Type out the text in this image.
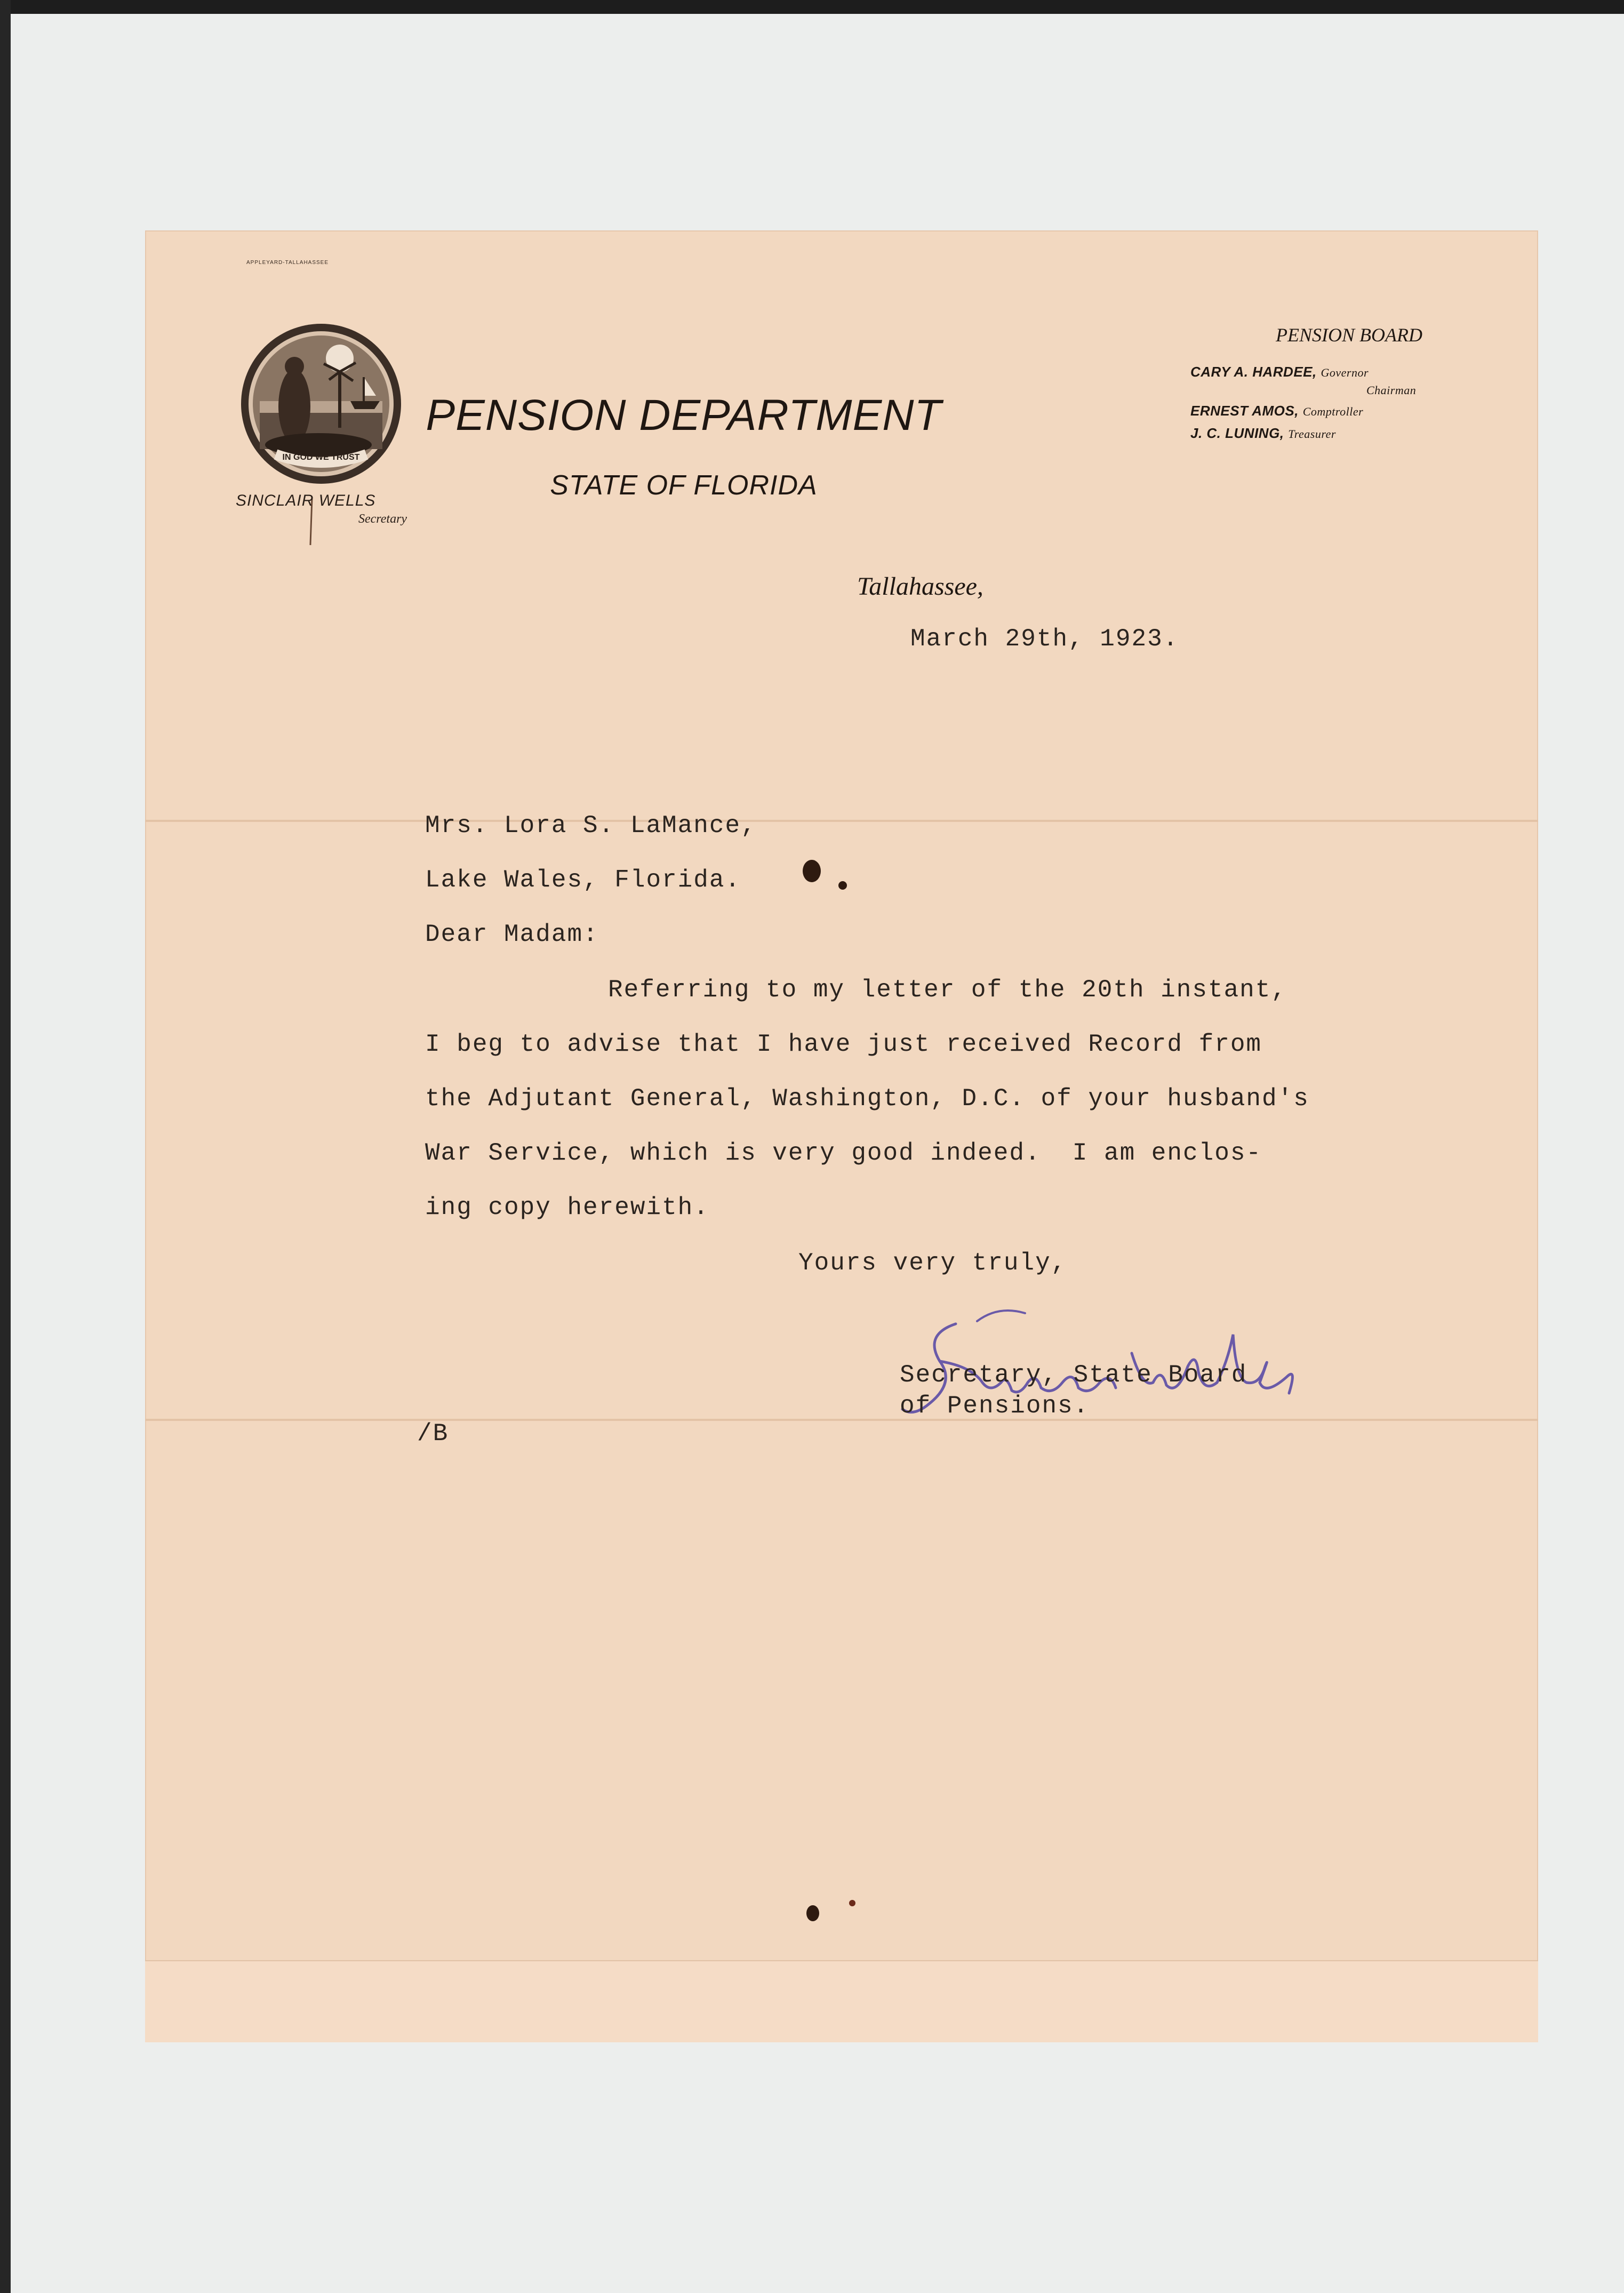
APPLEYARD-TALLAHASSEE
IN GOD WE TRUST
SINCLAIR WELLS
Secretary
PENSION DEPARTMENT
STATE OF FLORIDA
PENSION BOARD
CARY A. HARDEE, Governor
Chairman
ERNEST AMOS, Comptroller
J. C. LUNING, Treasurer
Tallahassee,
March 29th, 1923.
Mrs. Lora S. LaMance,
Lake Wales, Florida.
Dear Madam:
Referring to my letter of the 20th instant,
I beg to advise that I have just received Record from
the Adjutant General, Washington, D.C. of your husband's
War Service, which is very good indeed.  I am enclos-
ing copy herewith.
Yours very truly,
Secretary, State Board
of Pensions.
/B
